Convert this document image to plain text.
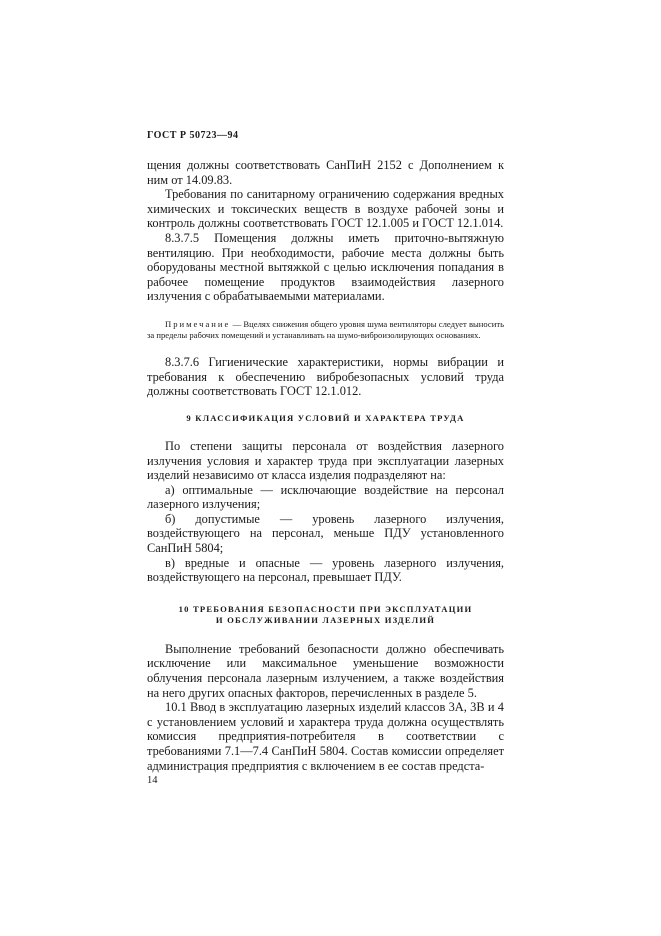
ГОСТ Р 50723—94

щения должны соответствовать СанПиН 2152 с Дополнением к ним от 14.09.83.

Требования по санитарному ограничению содержания вредных химических и токсических веществ в воздухе рабочей зоны и контроль должны соответствовать ГОСТ 12.1.005 и ГОСТ 12.1.014.

8.3.7.5 Помещения должны иметь приточно-вытяжную вентиляцию. При необходимости, рабочие места должны быть оборудованы местной вытяжкой с целью исключения попадания в рабочее помещение продуктов взаимодействия лазерного излучения с обрабатываемыми материалами.

Примечание — Вцелях снижения общего уровня шума вентиляторы следует выносить за пределы рабочих помещений и устанавливать на шумо-виброизолирующих основаниях.

8.3.7.6 Гигиенические характеристики, нормы вибрации и требования к обеспечению вибробезопасных условий труда должны соответствовать ГОСТ 12.1.012.

9 КЛАССИФИКАЦИЯ УСЛОВИЙ И ХАРАКТЕРА ТРУДА

По степени защиты персонала от воздействия лазерного излучения условия и характер труда при эксплуатации лазерных изделий независимо от класса изделия подразделяют на:

а) оптимальные — исключающие воздействие на персонал лазерного излучения;

б) допустимые — уровень лазерного излучения, воздействующего на персонал, меньше ПДУ установленного СанПиН 5804;

в) вредные и опасные — уровень лазерного излучения, воздействующего на персонал, превышает ПДУ.

10 ТРЕБОВАНИЯ БЕЗОПАСНОСТИ ПРИ ЭКСПЛУАТАЦИИ
И ОБСЛУЖИВАНИИ ЛАЗЕРНЫХ ИЗДЕЛИЙ

Выполнение требований безопасности должно обеспечивать исключение или максимальное уменьшение возможности облучения персонала лазерным излучением, а также воздействия на него других опасных факторов, перечисленных в разделе 5.

10.1 Ввод в эксплуатацию лазерных изделий классов 3А, 3В и 4 с установлением условий и характера труда должна осуществлять комиссия предприятия-потребителя в соответствии с требованиями 7.1—7.4 СанПиН 5804. Состав комиссии определяет администрация предприятия с включением в ее состав предста-

14
